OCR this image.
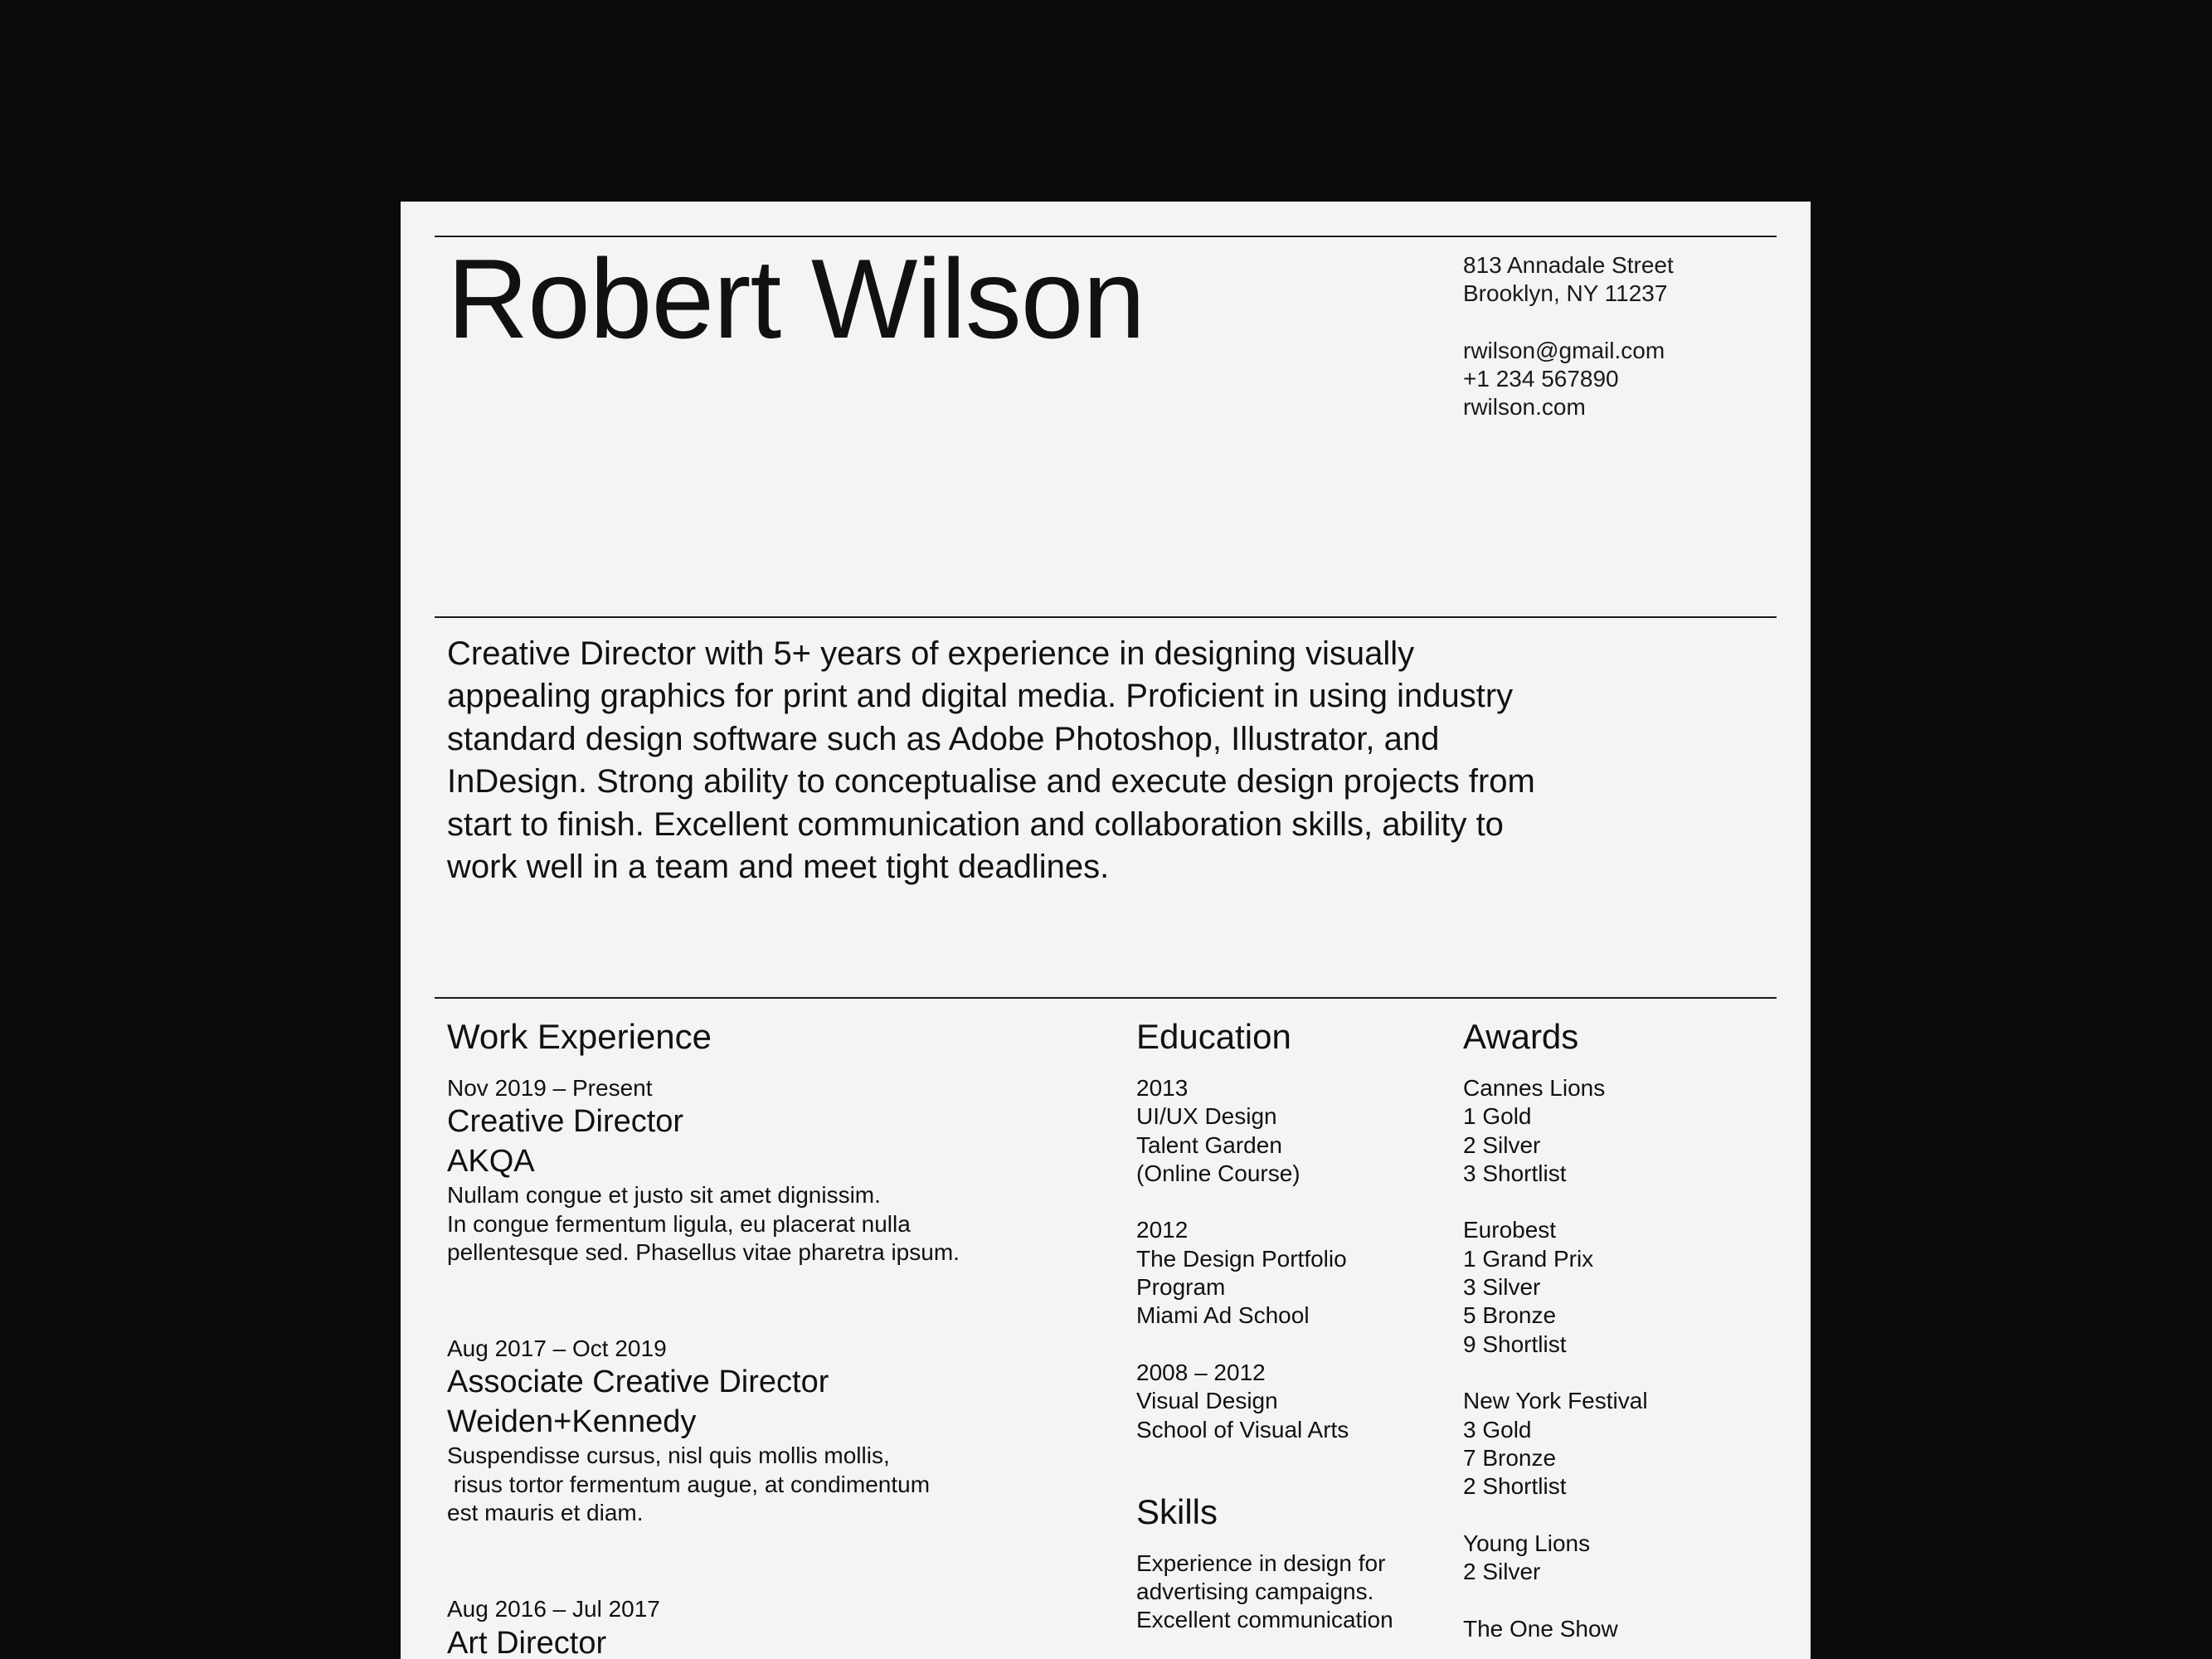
Robert Wilson	813 Annadale Street
Brooklyn, NY 11237
rwilson@gmail.com
+1 234 567890
rwilson.com
Creative Director with 5+ years of experience in designing visually
appealing graphics for print and digital media. Proficient in using industry
standard design software such as Adobe Photoshop, Illustrator, and
InDesign. Strong ability to conceptualise and execute design projects from
start to finish. Excellent communication and collaboration skills, ability to
work well in a team and meet tight deadlines.
Work Experience
Nov 2019 – Present
Creative Director
AKQA
Nullam congue et justo sit amet dignissim.
In congue fermentum ligula, eu placerat nulla
pellentesque sed. Phasellus vitae pharetra ipsum.
Aug 2017 – Oct 2019
Associate Creative Director
Weiden+Kennedy
Suspendisse cursus, nisl quis mollis mollis,
risus tortor fermentum augue, at condimentum
est mauris et diam.
Aug 2016 – Jul 2017
Art Director
Education
2013
UI/UX Design
Talent Garden
(Online Course)
2012
The Design Portfolio
Program
Miami Ad School
2008 – 2012
Visual Design
School of Visual Arts
Skills
Experience in design for
advertising campaigns.
Excellent communication
Awards
Cannes Lions
1 Gold
2 Silver
3 Shortlist
Eurobest
1 Grand Prix
3 Silver
5 Bronze
9 Shortlist
New York Festival
3 Gold
7 Bronze
2 Shortlist
Young Lions
2 Silver
The One Show
